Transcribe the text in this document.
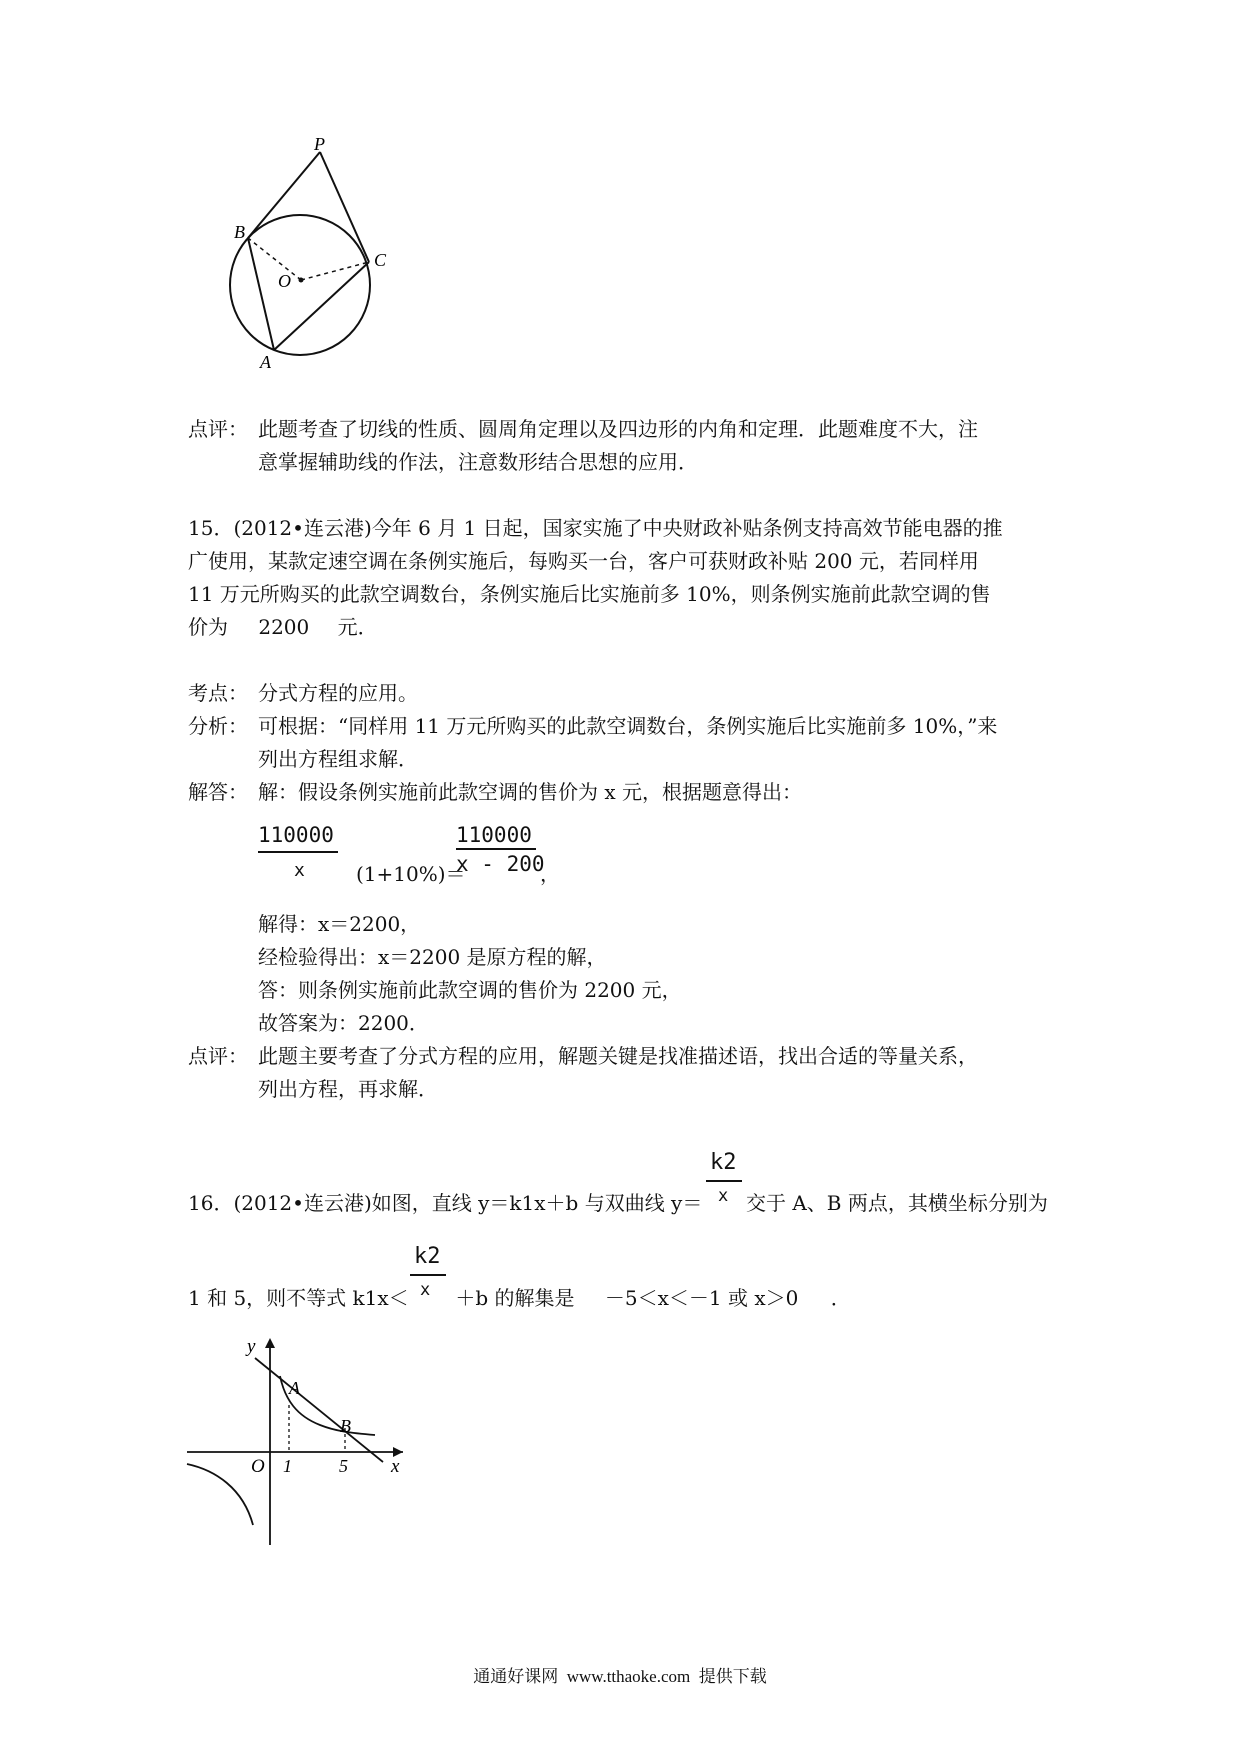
P
B
C
O
A
点评： 此题考查了切线的性质、圆周角定理以及四边形的内角和定理．此题难度不大，注
意掌握辅助线的作法，注意数形结合思想的应用．
15．(2012•连云港)今年 6 月 1 日起，国家实施了中央财政补贴条例支持高效节能电器的推
广使用，某款定速空调在条例实施后，每购买一台，客户可获财政补贴 200 元，若同样用
11 万元所购买的此款空调数台，条例实施后比实施前多 10%，则条例实施前此款空调的售
价为 2200 元．
考点： 分式方程的应用。
分析： 可根据：“同样用 11 万元所购买的此款空调数台，条例实施后比实施前多 10%，”来
列出方程组求解．
解答： 解：假设条例实施前此款空调的售价为 x 元，根据题意得出：
110000
x	(1+10%)＝
110000
x - 200
，
解得：x＝2200，
经检验得出：x＝2200 是原方程的解，
答：则条例实施前此款空调的售价为 2200 元，
故答案为：2200．
点评： 此题主要考查了分式方程的应用，解题关键是找准描述语，找出合适的等量关系，
列出方程，再求解．
k2
x
16．(2012•连云港)如图，直线 y＝k1x＋b 与双曲线 y＝ 交于 A、B 两点，其横坐标分别为
k2
x
1 和 5，则不等式 k1x＜ ＋b 的解集是 －5＜x＜－1 或 x＞0 ．
y
x
O
A
B
1	5
通通好课网  www.tthaoke.com  提供下载
